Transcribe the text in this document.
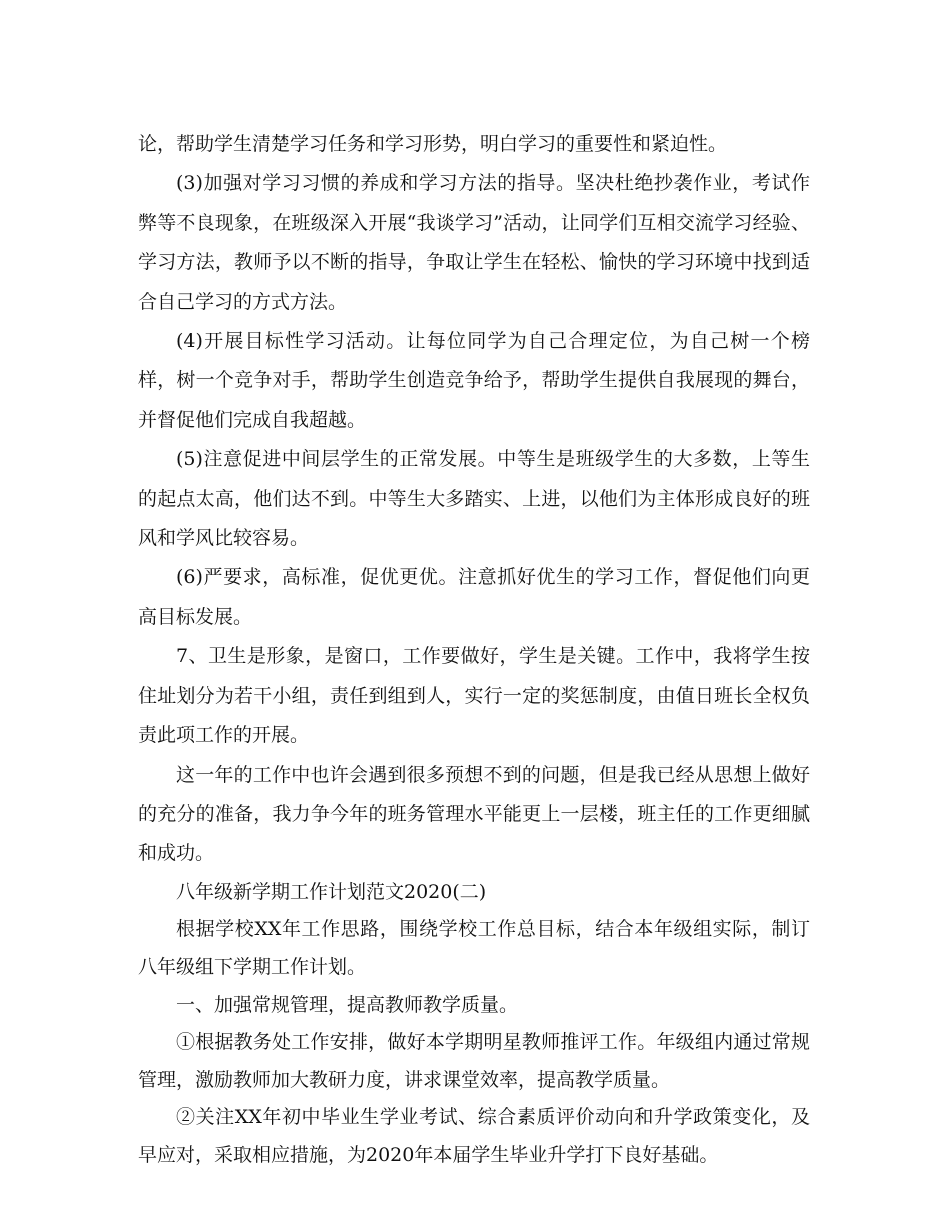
论，帮助学生清楚学习任务和学习形势，明白学习的重要性和紧迫性。

(3)加强对学习习惯的养成和学习方法的指导。坚决杜绝抄袭作业，考试作弊等不良现象，在班级深入开展“我谈学习”活动，让同学们互相交流学习经验、学习方法，教师予以不断的指导，争取让学生在轻松、愉快的学习环境中找到适合自己学习的方式方法。

(4)开展目标性学习活动。让每位同学为自己合理定位，为自己树一个榜样，树一个竞争对手，帮助学生创造竞争给予，帮助学生提供自我展现的舞台，并督促他们完成自我超越。

(5)注意促进中间层学生的正常发展。中等生是班级学生的大多数，上等生的起点太高，他们达不到。中等生大多踏实、上进，以他们为主体形成良好的班风和学风比较容易。

(6)严要求，高标准，促优更优。注意抓好优生的学习工作，督促他们向更高目标发展。

7、卫生是形象，是窗口，工作要做好，学生是关键。工作中，我将学生按住址划分为若干小组，责任到组到人，实行一定的奖惩制度，由值日班长全权负责此项工作的开展。

这一年的工作中也许会遇到很多预想不到的问题，但是我已经从思想上做好的充分的准备，我力争今年的班务管理水平能更上一层楼，班主任的工作更细腻和成功。

八年级新学期工作计划范文2020(二)

根据学校XX年工作思路，围绕学校工作总目标，结合本年级组实际，制订八年级组下学期工作计划。

一、加强常规管理，提高教师教学质量。

①根据教务处工作安排，做好本学期明星教师推评工作。年级组内通过常规管理，激励教师加大教研力度，讲求课堂效率，提高教学质量。

②关注XX年初中毕业生学业考试、综合素质评价动向和升学政策变化，及早应对，采取相应措施，为2020年本届学生毕业升学打下良好基础。
